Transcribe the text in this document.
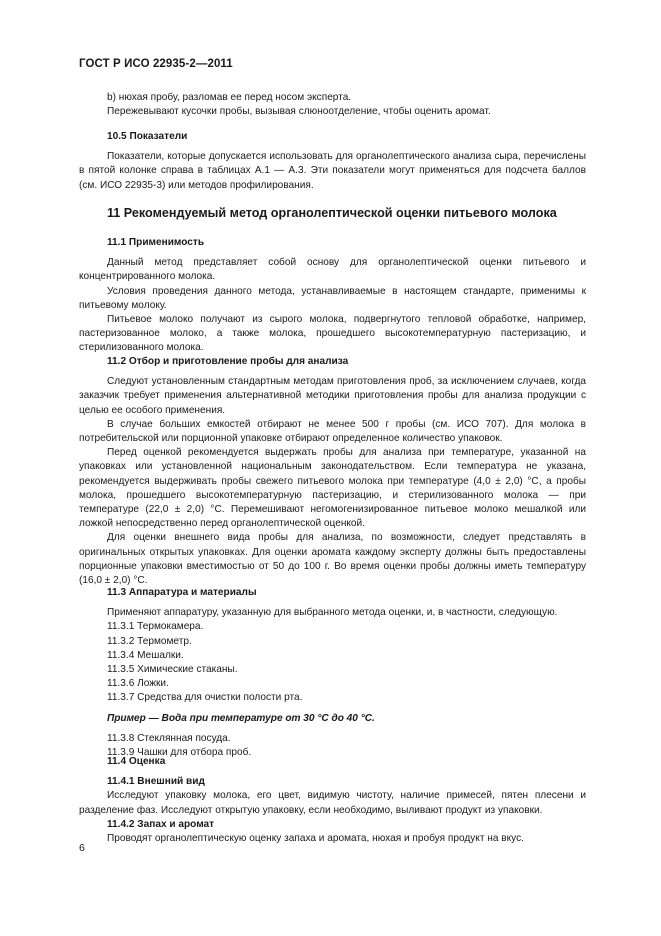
ГОСТ Р ИСО 22935-2—2011

b) нюхая пробу, разломав ее перед носом эксперта.

Пережевывают кусочки пробы, вызывая слюноотделение, чтобы оценить аромат.

10.5 Показатели

Показатели, которые допускается использовать для органолептического анализа сыра, перечислены в пятой колонке справа в таблицах А.1 — А.3. Эти показатели могут применяться для подсчета баллов (см. ИСО 22935-3) или методов профилирования.

11 Рекомендуемый метод органолептической оценки питьевого молока

11.1 Применимость

Данный метод представляет собой основу для органолептической оценки питьевого и концентрированного молока.

Условия проведения данного метода, устанавливаемые в настоящем стандарте, применимы к питьевому молоку.

Питьевое молоко получают из сырого молока, подвергнутого тепловой обработке, например, пастеризованное молоко, а также молока, прошедшего высокотемпературную пастеризацию, и стерилизованного молока.

11.2 Отбор и приготовление пробы для анализа

Следуют установленным стандартным методам приготовления проб, за исключением случаев, когда заказчик требует применения альтернативной методики приготовления пробы для анализа продукции с целью ее особого применения.

В случае больших емкостей отбирают не менее 500 г пробы (см. ИСО 707). Для молока в потребительской или порционной упаковке отбирают определенное количество упаковок.

Перед оценкой рекомендуется выдержать пробы для анализа при температуре, указанной на упаковках или установленной национальным законодательством. Если температура не указана, рекомендуется выдерживать пробы свежего питьевого молока при температуре (4,0 ± 2,0) °С, а пробы молока, прошедшего высокотемпературную пастеризацию, и стерилизованного молока — при температуре (22,0 ± 2,0) °С. Перемешивают негомогенизированное питьевое молоко мешалкой или ложкой непосредственно перед органолептической оценкой.

Для оценки внешнего вида пробы для анализа, по возможности, следует представлять в оригинальных открытых упаковках. Для оценки аромата каждому эксперту должны быть предоставлены порционные упаковки вместимостью от 50 до 100 г. Во время оценки пробы должны иметь температуру (16,0 ± 2,0) °С.

11.3 Аппаратура и материалы

Применяют аппаратуру, указанную для выбранного метода оценки, и, в частности, следующую.

11.3.1 Термокамера.

11.3.2 Термометр.

11.3.4 Мешалки.

11.3.5 Химические стаканы.

11.3.6 Ложки.

11.3.7 Средства для очистки полости рта.

Пример — Вода при температуре от 30 °С до 40 °С.

11.3.8 Стеклянная посуда.

11.3.9 Чашки для отбора проб.

11.4 Оценка

11.4.1 Внешний вид

Исследуют упаковку молока, его цвет, видимую чистоту, наличие примесей, пятен плесени и разделение фаз. Исследуют открытую упаковку, если необходимо, выливают продукт из упаковки.

11.4.2 Запах и аромат

Проводят органолептическую оценку запаха и аромата, нюхая и пробуя продукт на вкус.

6
